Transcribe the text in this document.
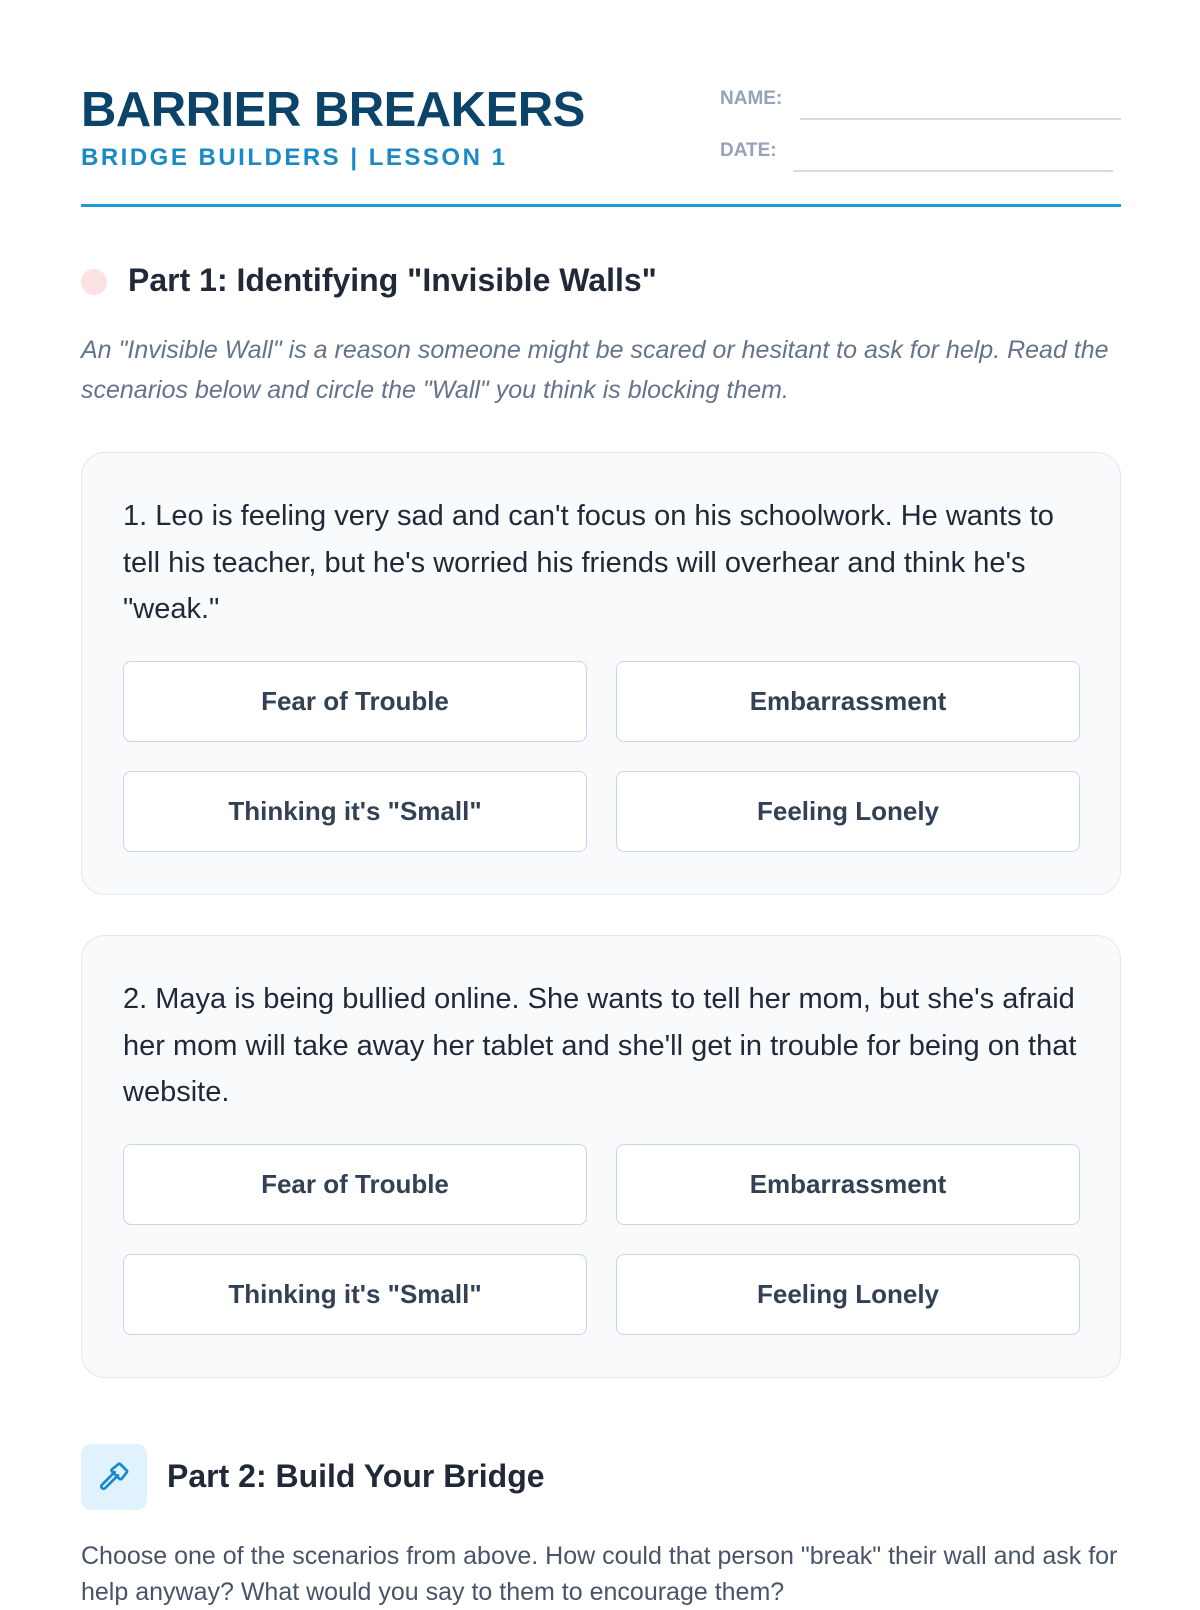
BARRIER BREAKERS
BRIDGE BUILDERS | LESSON 1
NAME:
DATE:
Part 1: Identifying "Invisible Walls"
An "Invisible Wall" is a reason someone might be scared or hesitant to ask for help. Read the scenarios below and circle the "Wall" you think is blocking them.
1. Leo is feeling very sad and can't focus on his schoolwork. He wants to tell his teacher, but he's worried his friends will overhear and think he's "weak."
Fear of Trouble	Embarrassment
Thinking it's "Small"	Feeling Lonely
2. Maya is being bullied online. She wants to tell her mom, but she's afraid her mom will take away her tablet and she'll get in trouble for being on that website.
Fear of Trouble	Embarrassment
Thinking it's "Small"	Feeling Lonely
Part 2: Build Your Bridge
Choose one of the scenarios from above. How could that person "break" their wall and ask for help anyway? What would you say to them to encourage them?
